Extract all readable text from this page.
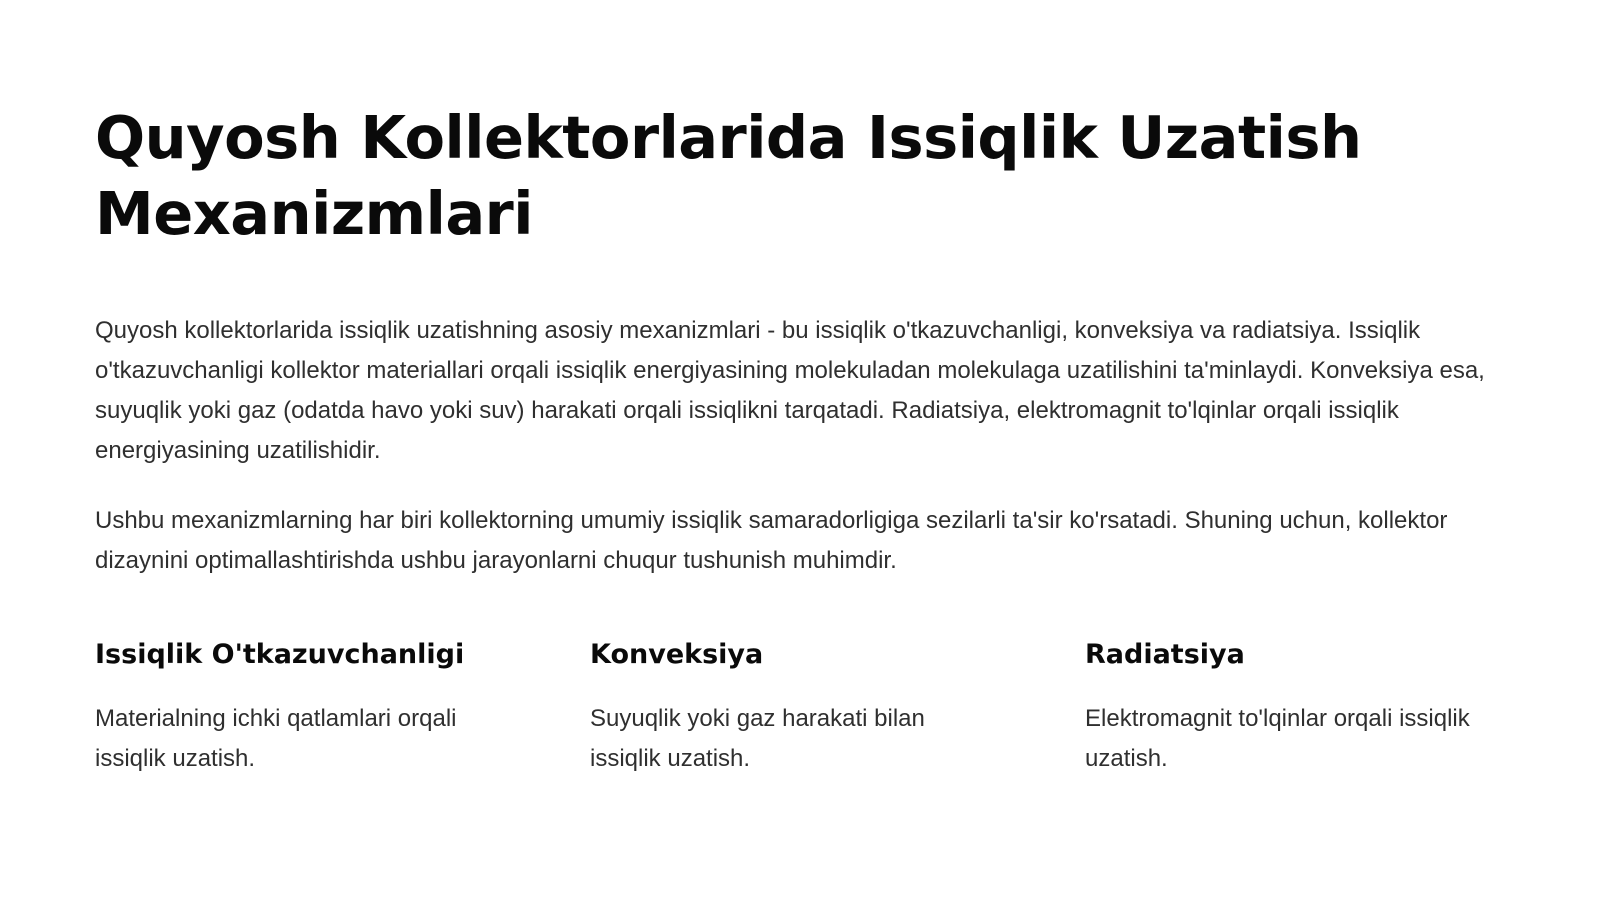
Quyosh Kollektorlarida Issiqlik Uzatish Mexanizmlari

Quyosh kollektorlarida issiqlik uzatishning asosiy mexanizmlari - bu issiqlik o'tkazuvchanligi, konveksiya va radiatsiya. Issiqlik o'tkazuvchanligi kollektor materiallari orqali issiqlik energiyasining molekuladan molekulaga uzatilishini ta'minlaydi. Konveksiya esa, suyuqlik yoki gaz (odatda havo yoki suv) harakati orqali issiqlikni tarqatadi. Radiatsiya, elektromagnit to'lqinlar orqali issiqlik energiyasining uzatilishidir.

Ushbu mexanizmlarning har biri kollektorning umumiy issiqlik samaradorligiga sezilarli ta'sir ko'rsatadi. Shuning uchun, kollektor dizaynini optimallashtirishda ushbu jarayonlarni chuqur tushunish muhimdir.

Issiqlik O'tkazuvchanligi

Materialning ichki qatlamlari orqali issiqlik uzatish.

Konveksiya

Suyuqlik yoki gaz harakati bilan issiqlik uzatish.

Radiatsiya

Elektromagnit to'lqinlar orqali issiqlik uzatish.
